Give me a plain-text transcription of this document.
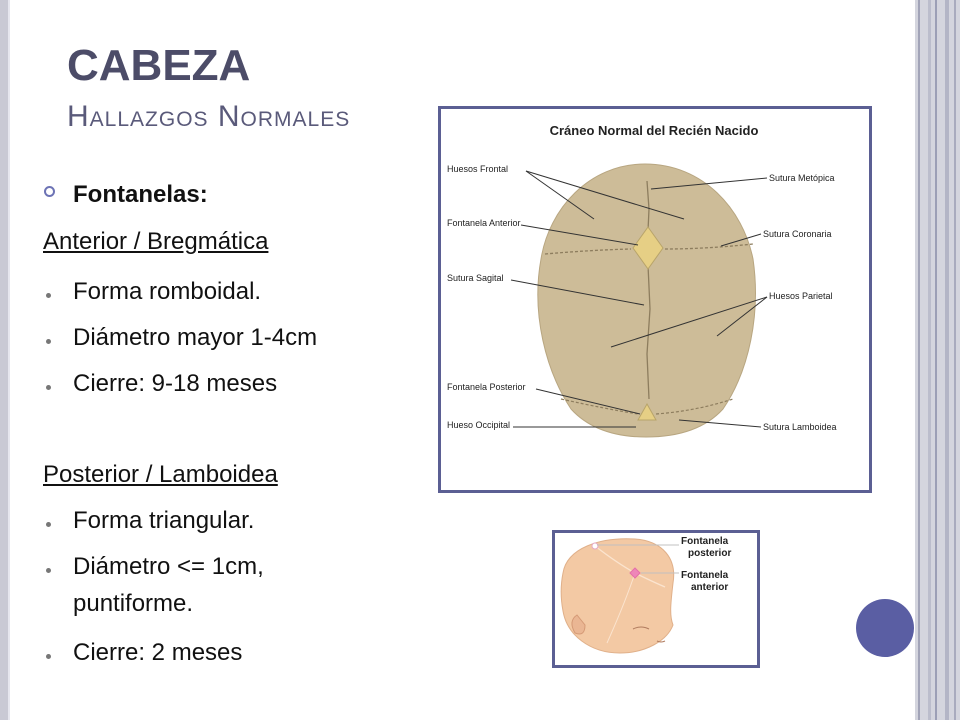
CABEZA
Hallazgos Normales
Fontanelas:
Anterior / Bregmática
Forma romboidal.
Diámetro mayor 1-4cm
Cierre: 9-18 meses
Posterior / Lamboidea
Forma triangular.
Diámetro <= 1cm,
puntiforme.
Cierre: 2 meses
Cráneo Normal del Recién Nacido
Huesos Frontal
Fontanela Anterior
Sutura Sagital
Fontanela Posterior
Hueso Occipital
Sutura Metópica
Sutura Coronaria
Huesos Parietal
Sutura Lamboidea
Fontanela
posterior
Fontanela
anterior
